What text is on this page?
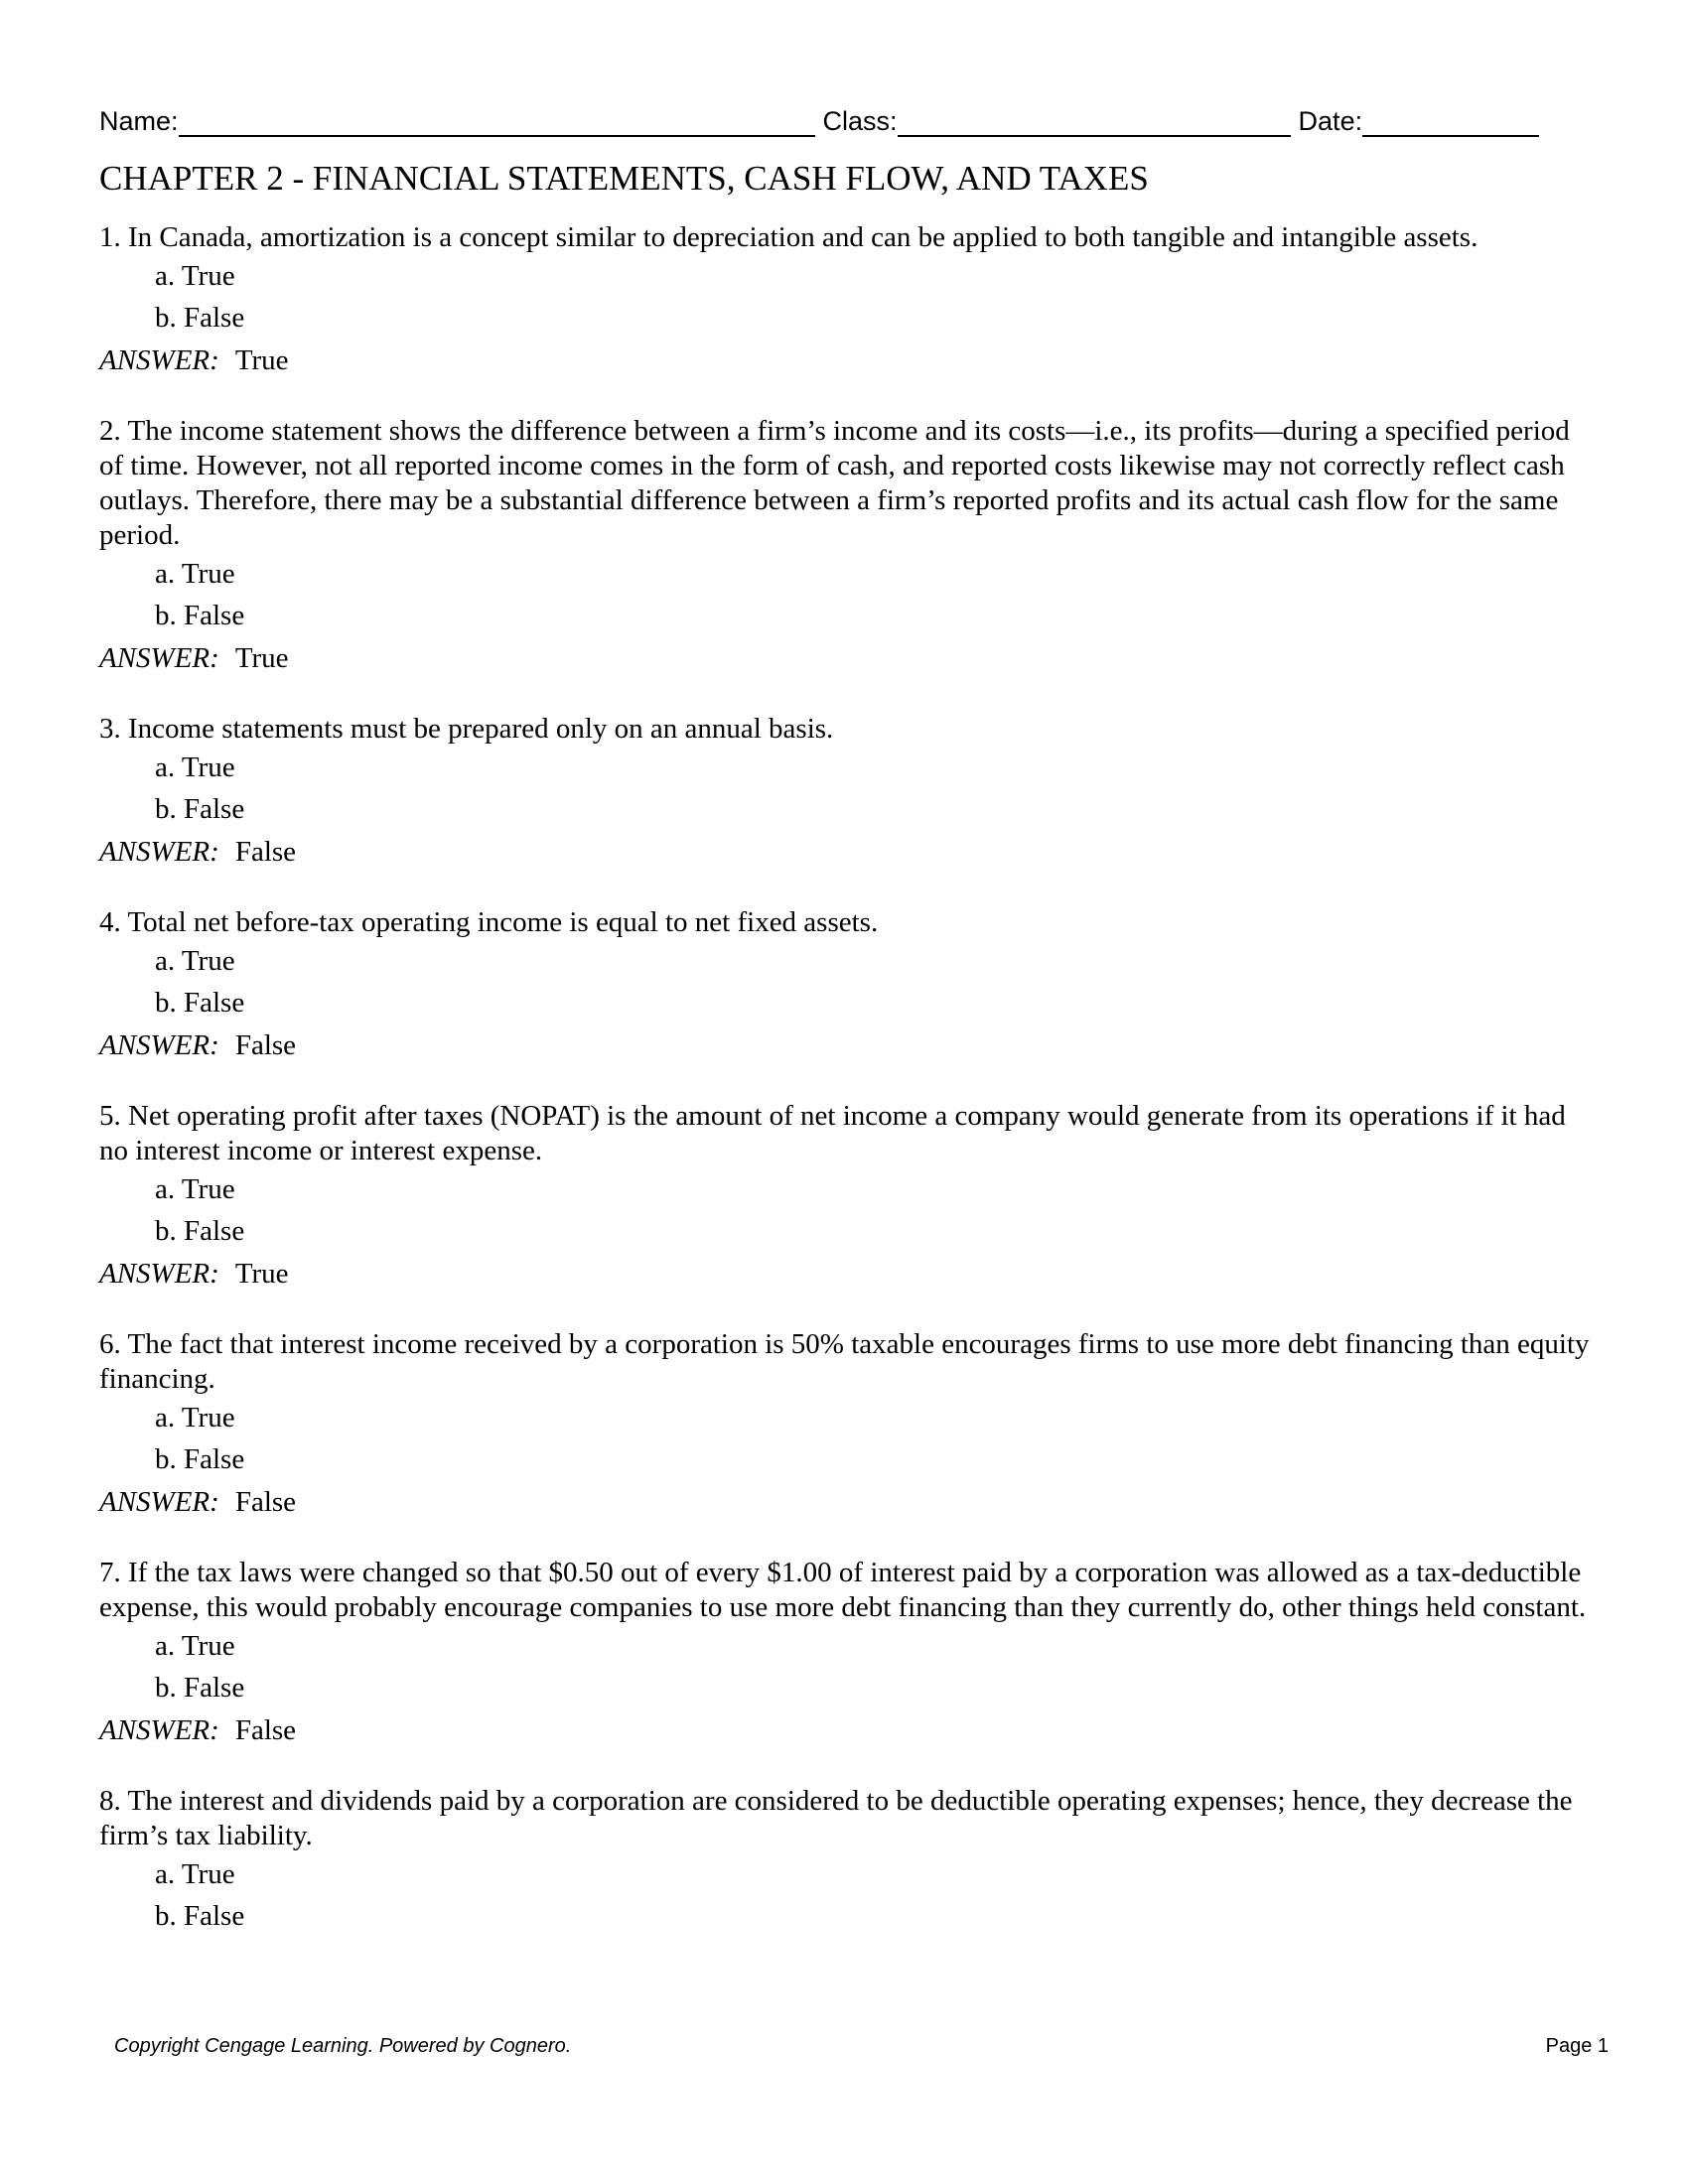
Name:	Class:	Date:
CHAPTER 2 - FINANCIAL STATEMENTS, CASH FLOW, AND TAXES

1. In Canada, amortization is a concept similar to depreciation and can be applied to both tangible and intangible assets.

a. True
b. False
ANSWER: True

2. The income statement shows the difference between a firm’s income and its costs—i.e., its profits—during a specified period of time. However, not all reported income comes in the form of cash, and reported costs likewise may not correctly reflect cash outlays. Therefore, there may be a substantial difference between a firm’s reported profits and its actual cash flow for the same period.

a. True
b. False
ANSWER: True

3. Income statements must be prepared only on an annual basis.

a. True
b. False
ANSWER: False

4. Total net before-tax operating income is equal to net fixed assets.

a. True
b. False
ANSWER: False

5. Net operating profit after taxes (NOPAT) is the amount of net income a company would generate from its operations if it had no interest income or interest expense.

a. True
b. False
ANSWER: True

6. The fact that interest income received by a corporation is 50% taxable encourages firms to use more debt financing than equity financing.

a. True
b. False
ANSWER: False

7. If the tax laws were changed so that $0.50 out of every $1.00 of interest paid by a corporation was allowed as a tax-deductible expense, this would probably encourage companies to use more debt financing than they currently do, other things held constant.

a. True
b. False
ANSWER: False

8. The interest and dividends paid by a corporation are considered to be deductible operating expenses; hence, they decrease the firm’s tax liability.

a. True
b. False
Copyright Cengage Learning. Powered by Cognero.	Page 1
